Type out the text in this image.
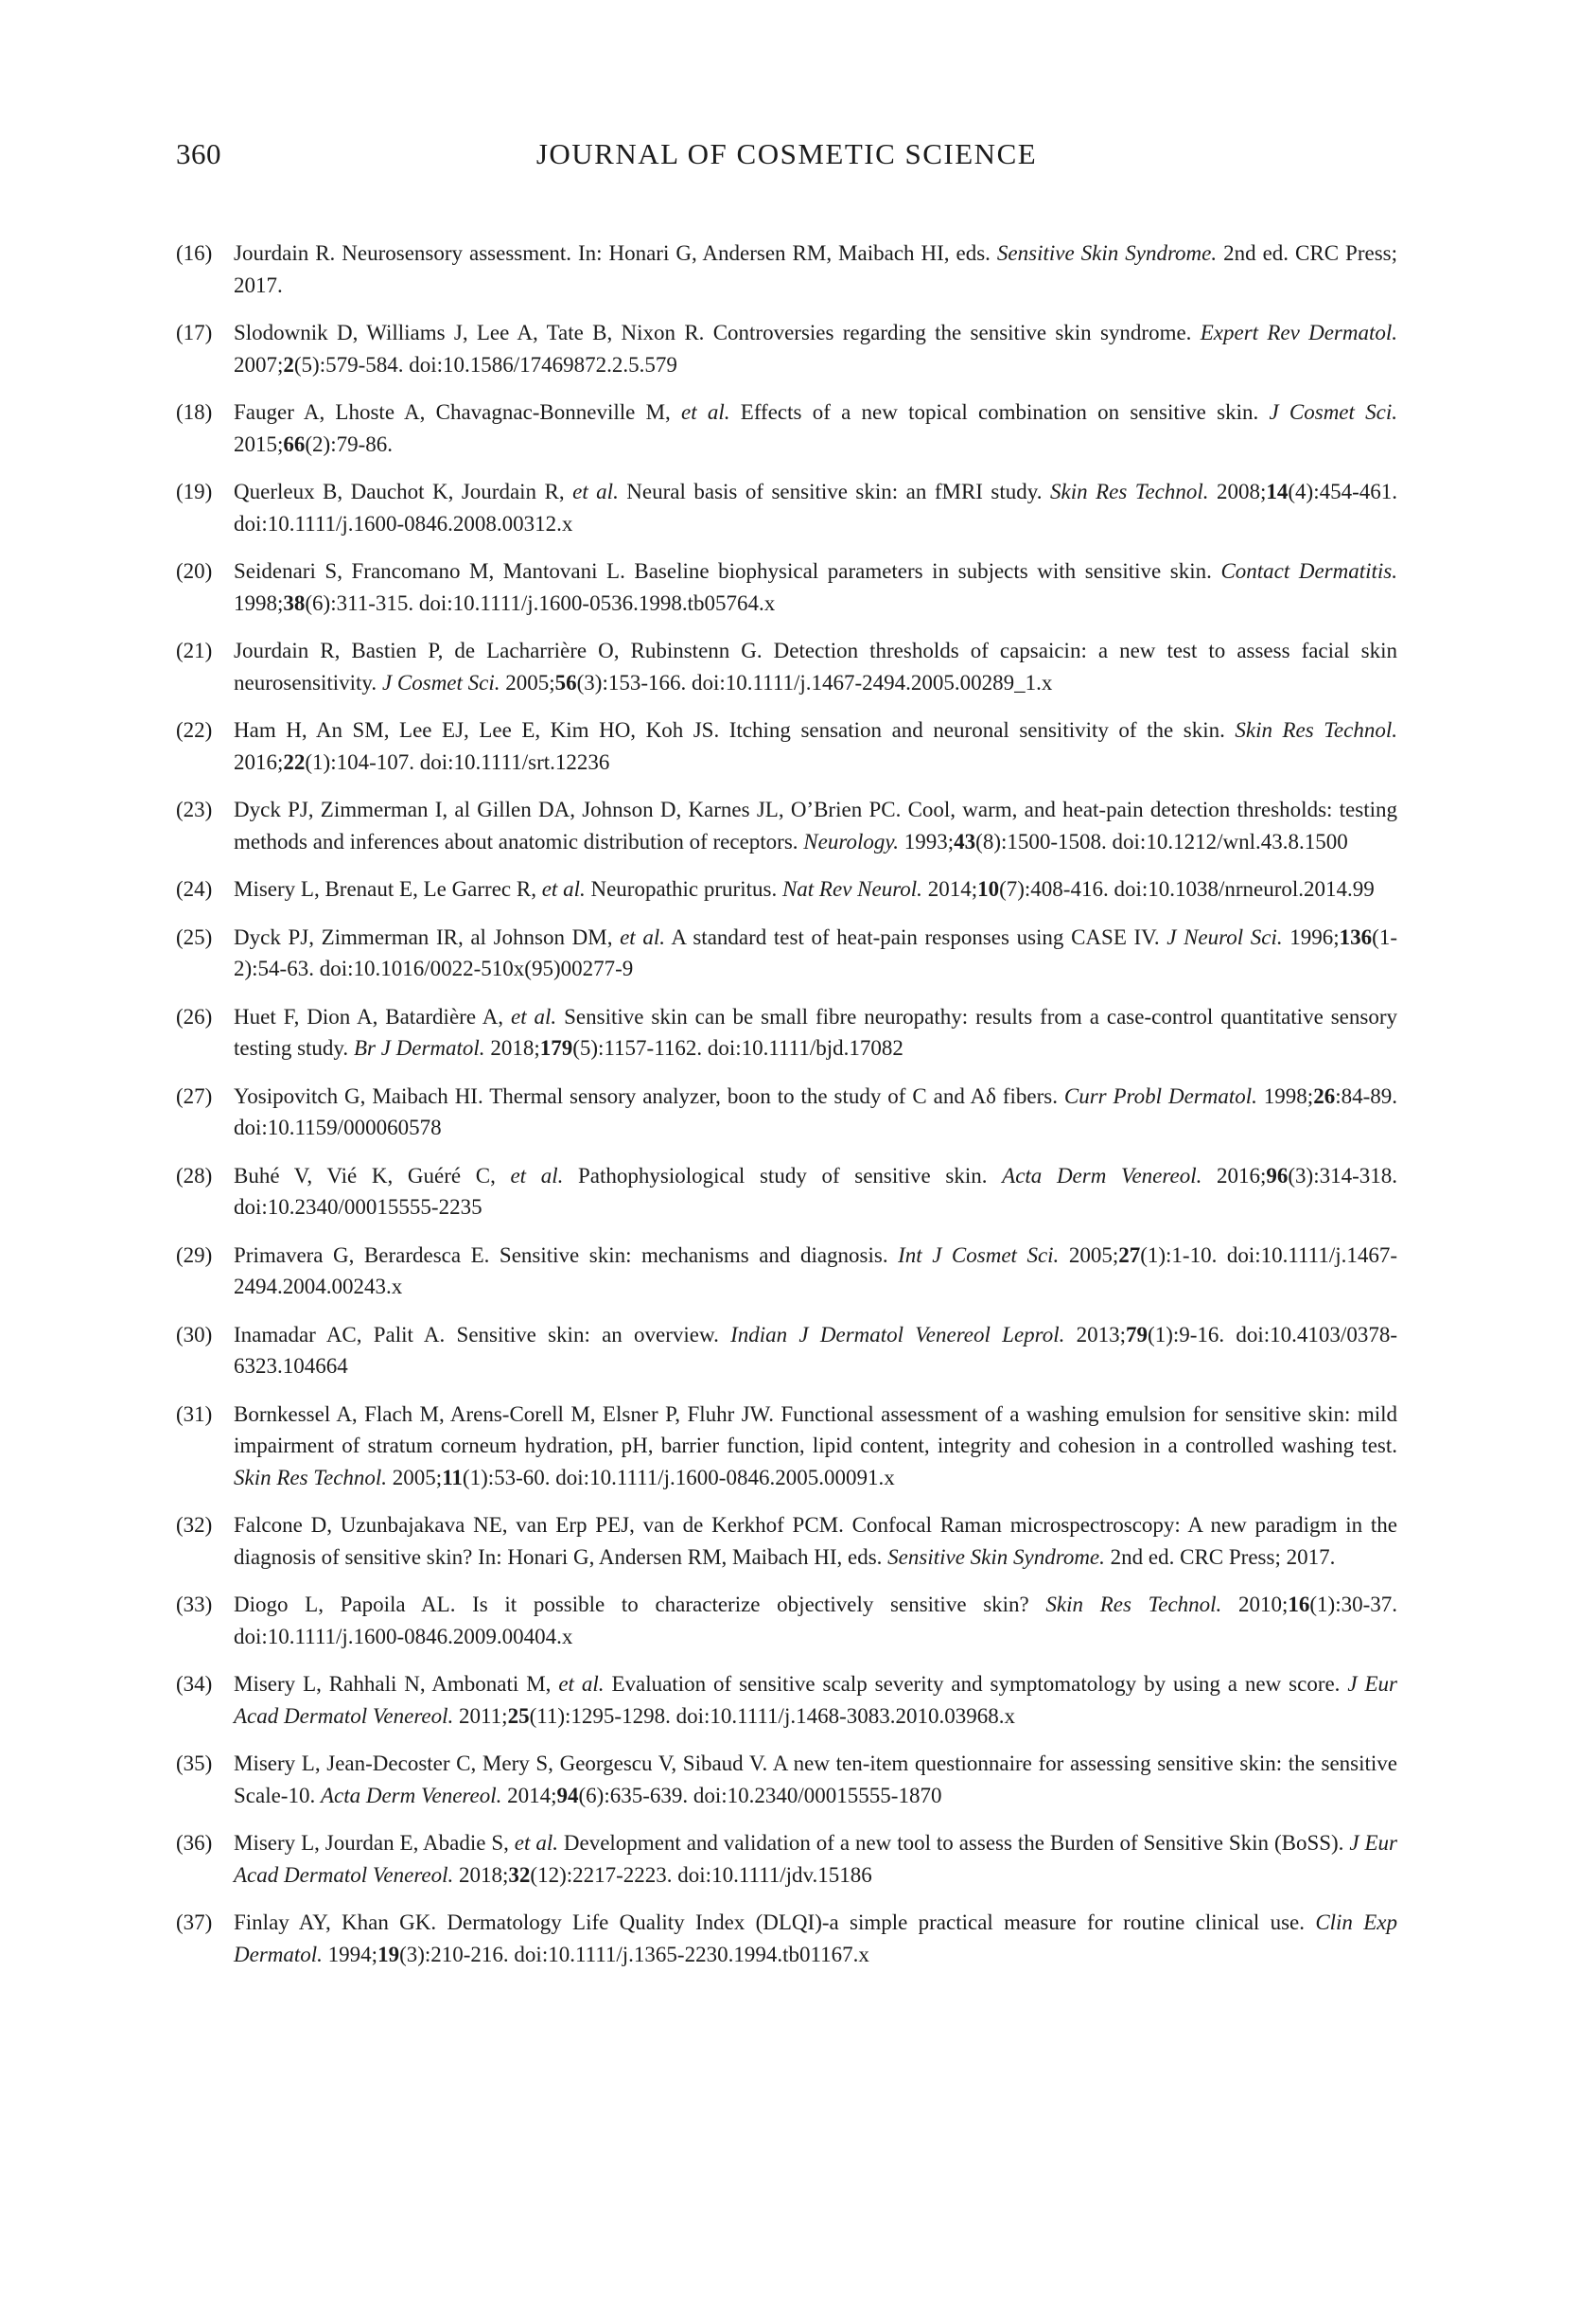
360	JOURNAL OF COSMETIC SCIENCE
(16) Jourdain R. Neurosensory assessment. In: Honari G, Andersen RM, Maibach HI, eds. Sensitive Skin Syndrome. 2nd ed. CRC Press; 2017.
(17) Slodownik D, Williams J, Lee A, Tate B, Nixon R. Controversies regarding the sensitive skin syndrome. Expert Rev Dermatol. 2007;2(5):579-584. doi:10.1586/17469872.2.5.579
(18) Fauger A, Lhoste A, Chavagnac-Bonneville M, et al. Effects of a new topical combination on sensitive skin. J Cosmet Sci. 2015;66(2):79-86.
(19) Querleux B, Dauchot K, Jourdain R, et al. Neural basis of sensitive skin: an fMRI study. Skin Res Technol. 2008;14(4):454-461. doi:10.1111/j.1600-0846.2008.00312.x
(20) Seidenari S, Francomano M, Mantovani L. Baseline biophysical parameters in subjects with sensitive skin. Contact Dermatitis. 1998;38(6):311-315. doi:10.1111/j.1600-0536.1998.tb05764.x
(21) Jourdain R, Bastien P, de Lacharrière O, Rubinstenn G. Detection thresholds of capsaicin: a new test to assess facial skin neurosensitivity. J Cosmet Sci. 2005;56(3):153-166. doi:10.1111/j.1467-2494.2005.00289_1.x
(22) Ham H, An SM, Lee EJ, Lee E, Kim HO, Koh JS. Itching sensation and neuronal sensitivity of the skin. Skin Res Technol. 2016;22(1):104-107. doi:10.1111/srt.12236
(23) Dyck PJ, Zimmerman I, al Gillen DA, Johnson D, Karnes JL, O’Brien PC. Cool, warm, and heat-pain detection thresholds: testing methods and inferences about anatomic distribution of receptors. Neurology. 1993;43(8):1500-1508. doi:10.1212/wnl.43.8.1500
(24) Misery L, Brenaut E, Le Garrec R, et al. Neuropathic pruritus. Nat Rev Neurol. 2014;10(7):408-416. doi:10.1038/nrneurol.2014.99
(25) Dyck PJ, Zimmerman IR, al Johnson DM, et al. A standard test of heat-pain responses using CASE IV. J Neurol Sci. 1996;136(1-2):54-63. doi:10.1016/0022-510x(95)00277-9
(26) Huet F, Dion A, Batardière A, et al. Sensitive skin can be small fibre neuropathy: results from a case-control quantitative sensory testing study. Br J Dermatol. 2018;179(5):1157-1162. doi:10.1111/bjd.17082
(27) Yosipovitch G, Maibach HI. Thermal sensory analyzer, boon to the study of C and Aδ fibers. Curr Probl Dermatol. 1998;26:84-89. doi:10.1159/000060578
(28) Buhé V, Vié K, Guéré C, et al. Pathophysiological study of sensitive skin. Acta Derm Venereol. 2016;96(3):314-318. doi:10.2340/00015555-2235
(29) Primavera G, Berardesca E. Sensitive skin: mechanisms and diagnosis. Int J Cosmet Sci. 2005;27(1):1-10. doi:10.1111/j.1467-2494.2004.00243.x
(30) Inamadar AC, Palit A. Sensitive skin: an overview. Indian J Dermatol Venereol Leprol. 2013;79(1):9-16. doi:10.4103/0378-6323.104664
(31) Bornkessel A, Flach M, Arens-Corell M, Elsner P, Fluhr JW. Functional assessment of a washing emulsion for sensitive skin: mild impairment of stratum corneum hydration, pH, barrier function, lipid content, integrity and cohesion in a controlled washing test. Skin Res Technol. 2005;11(1):53-60. doi:10.1111/j.1600-0846.2005.00091.x
(32) Falcone D, Uzunbajakava NE, van Erp PEJ, van de Kerkhof PCM. Confocal Raman microspectroscopy: A new paradigm in the diagnosis of sensitive skin? In: Honari G, Andersen RM, Maibach HI, eds. Sensitive Skin Syndrome. 2nd ed. CRC Press; 2017.
(33) Diogo L, Papoila AL. Is it possible to characterize objectively sensitive skin? Skin Res Technol. 2010;16(1):30-37. doi:10.1111/j.1600-0846.2009.00404.x
(34) Misery L, Rahhali N, Ambonati M, et al. Evaluation of sensitive scalp severity and symptomatology by using a new score. J Eur Acad Dermatol Venereol. 2011;25(11):1295-1298. doi:10.1111/j.1468-3083.2010.03968.x
(35) Misery L, Jean-Decoster C, Mery S, Georgescu V, Sibaud V. A new ten-item questionnaire for assessing sensitive skin: the sensitive Scale-10. Acta Derm Venereol. 2014;94(6):635-639. doi:10.2340/00015555-1870
(36) Misery L, Jourdan E, Abadie S, et al. Development and validation of a new tool to assess the Burden of Sensitive Skin (BoSS). J Eur Acad Dermatol Venereol. 2018;32(12):2217-2223. doi:10.1111/jdv.15186
(37) Finlay AY, Khan GK. Dermatology Life Quality Index (DLQI)-a simple practical measure for routine clinical use. Clin Exp Dermatol. 1994;19(3):210-216. doi:10.1111/j.1365-2230.1994.tb01167.x
